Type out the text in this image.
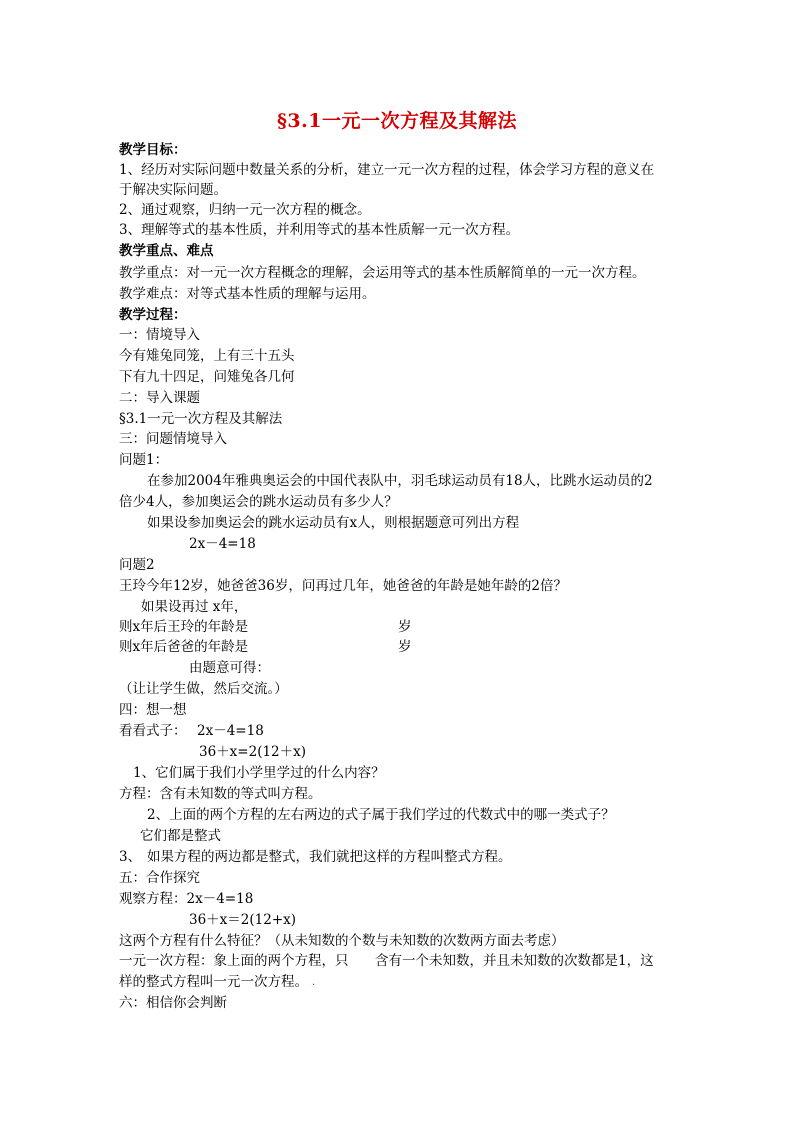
§3.1一元一次方程及其解法
教学目标：
1、经历对实际问题中数量关系的分析，建立一元一次方程的过程，体会学习方程的意义在
于解决实际问题。
2、通过观察，归纳一元一次方程的概念。
3、理解等式的基本性质，并利用等式的基本性质解一元一次方程。
教学重点、难点
教学重点：对一元一次方程概念的理解，会运用等式的基本性质解简单的一元一次方程。
教学难点：对等式基本性质的理解与运用。
教学过程：
一：情境导入
今有雉兔同笼，上有三十五头
下有九十四足，问雉兔各几何
二：导入课题
§3.1一元一次方程及其解法
三：问题情境导入
问题1：
在参加2004年雅典奥运会的中国代表队中，羽毛球运动员有18人，比跳水运动员的2
倍少4人，参加奥运会的跳水运动员有多少人？
如果设参加奥运会的跳水运动员有x人，则根据题意可列出方程
2x－4=18
问题2
王玲今年12岁，她爸爸36岁，问再过几年，她爸爸的年龄是她年龄的2倍？
如果设再过 x年，
则x年后王玲的年龄是	岁
则x年后爸爸的年龄是	岁
由题意可得：
（让让学生做，然后交流。）
四：想一想
看看式子： 2x－4=18
36＋x=2(12＋x)
1、它们属于我们小学里学过的什么内容？
方程：含有未知数的等式叫方程。
2、上面的两个方程的左右两边的式子属于我们学过的代数式中的哪一类式子？
它们都是整式
3、 如果方程的两边都是整式，我们就把这样的方程叫整式方程。
五：合作探究
观察方程：2x－4=18
36＋x＝2(12+x)
这两个方程有什么特征？（从未知数的个数与未知数的次数两方面去考虑）
一元一次方程：象上面的两个方程，只 含有一个未知数，并且未知数的次数都是1，这
样的整式方程叫一元一次方程。 .
六：相信你会判断
